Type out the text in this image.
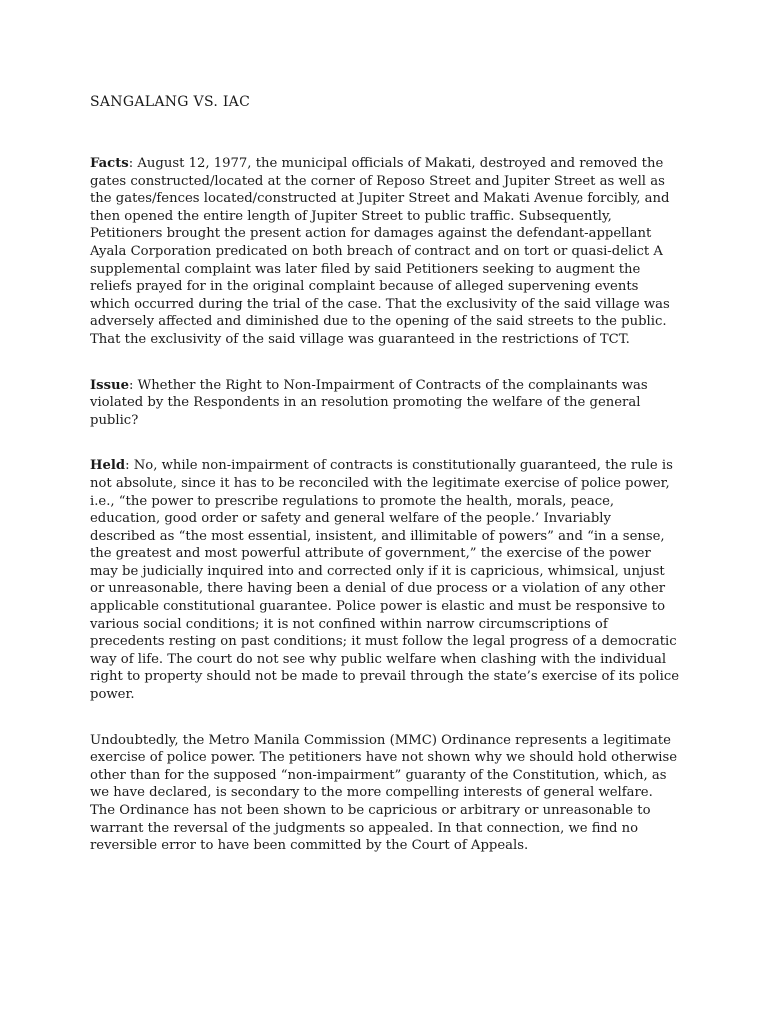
SANGALANG VS. IAC

Facts: August 12, 1977, the municipal officials of Makati, destroyed and removed the gates constructed/located at the corner of Reposo Street and Jupiter Street as well as the gates/fences located/constructed at Jupiter Street and Makati Avenue forcibly, and then opened the entire length of Jupiter Street to public traffic. Subsequently, Petitioners brought the present action for damages against the defendant-appellant Ayala Corporation predicated on both breach of contract and on tort or quasi-delict A supplemental complaint was later filed by said Petitioners seeking to augment the reliefs prayed for in the original complaint because of alleged supervening events which occurred during the trial of the case. That the exclusivity of the said village was adversely affected and diminished due to the opening of the said streets to the public. That the exclusivity of the said village was guaranteed in the restrictions of TCT.

Issue: Whether the Right to Non-Impairment of Contracts of the complainants was violated by the Respondents in an resolution promoting the welfare of the general public?

Held: No, while non-impairment of contracts is constitutionally guaranteed, the rule is not absolute, since it has to be reconciled with the legitimate exercise of police power, i.e., “the power to prescribe regulations to promote the health, morals, peace, education, good order or safety and general welfare of the people.’ Invariably described as “the most essential, insistent, and illimitable of powers” and “in a sense, the greatest and most powerful attribute of government,” the exercise of the power may be judicially inquired into and corrected only if it is capricious, whimsical, unjust or unreasonable, there having been a denial of due process or a violation of any other applicable constitutional guarantee. Police power is elastic and must be responsive to various social conditions; it is not confined within narrow circumscriptions of precedents resting on past conditions; it must follow the legal progress of a democratic way of life. The court do not see why public welfare when clashing with the individual right to property should not be made to prevail through the state’s exercise of its police power.

Undoubtedly, the Metro Manila Commission (MMC) Ordinance represents a legitimate exercise of police power. The petitioners have not shown why we should hold otherwise other than for the supposed “non-impairment” guaranty of the Constitution, which, as we have declared, is secondary to the more compelling interests of general welfare. The Ordinance has not been shown to be capricious or arbitrary or unreasonable to warrant the reversal of the judgments so appealed. In that connection, we find no reversible error to have been committed by the Court of Appeals.
